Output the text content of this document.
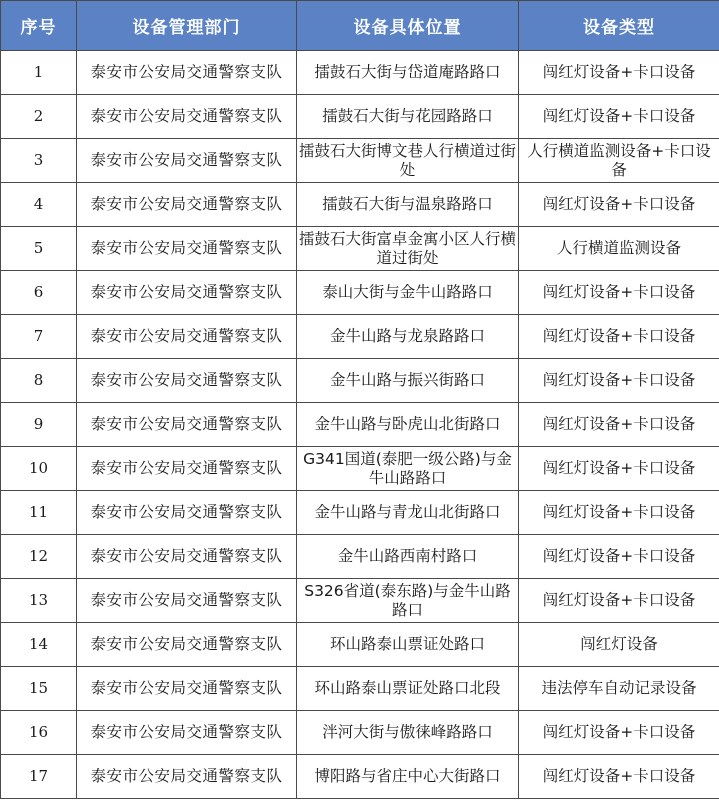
序号	设备管理部门	设备具体位置	设备类型
1	泰安市公安局交通警察支队	擂鼓石大街与岱道庵路路口	闯红灯设备+卡口设备
2	泰安市公安局交通警察支队	擂鼓石大街与花园路路口	闯红灯设备+卡口设备
3	泰安市公安局交通警察支队	擂鼓石大街博文巷人行横道过街处	人行横道监测设备+卡口设备
4	泰安市公安局交通警察支队	擂鼓石大街与温泉路路口	闯红灯设备+卡口设备
5	泰安市公安局交通警察支队	擂鼓石大街富卓金寓小区人行横道过街处	人行横道监测设备
6	泰安市公安局交通警察支队	泰山大街与金牛山路路口	闯红灯设备+卡口设备
7	泰安市公安局交通警察支队	金牛山路与龙泉路路口	闯红灯设备+卡口设备
8	泰安市公安局交通警察支队	金牛山路与振兴街路口	闯红灯设备+卡口设备
9	泰安市公安局交通警察支队	金牛山路与卧虎山北街路口	闯红灯设备+卡口设备
10	泰安市公安局交通警察支队	G341国道(泰肥一级公路)与金牛山路路口	闯红灯设备+卡口设备
11	泰安市公安局交通警察支队	金牛山路与青龙山北街路口	闯红灯设备+卡口设备
12	泰安市公安局交通警察支队	金牛山路西南村路口	闯红灯设备+卡口设备
13	泰安市公安局交通警察支队	S326省道(泰东路)与金牛山路路口	闯红灯设备+卡口设备
14	泰安市公安局交通警察支队	环山路泰山票证处路口	闯红灯设备
15	泰安市公安局交通警察支队	环山路泰山票证处路口北段	违法停车自动记录设备
16	泰安市公安局交通警察支队	泮河大街与傲徕峰路路口	闯红灯设备+卡口设备
17	泰安市公安局交通警察支队	博阳路与省庄中心大街路口	闯红灯设备+卡口设备
